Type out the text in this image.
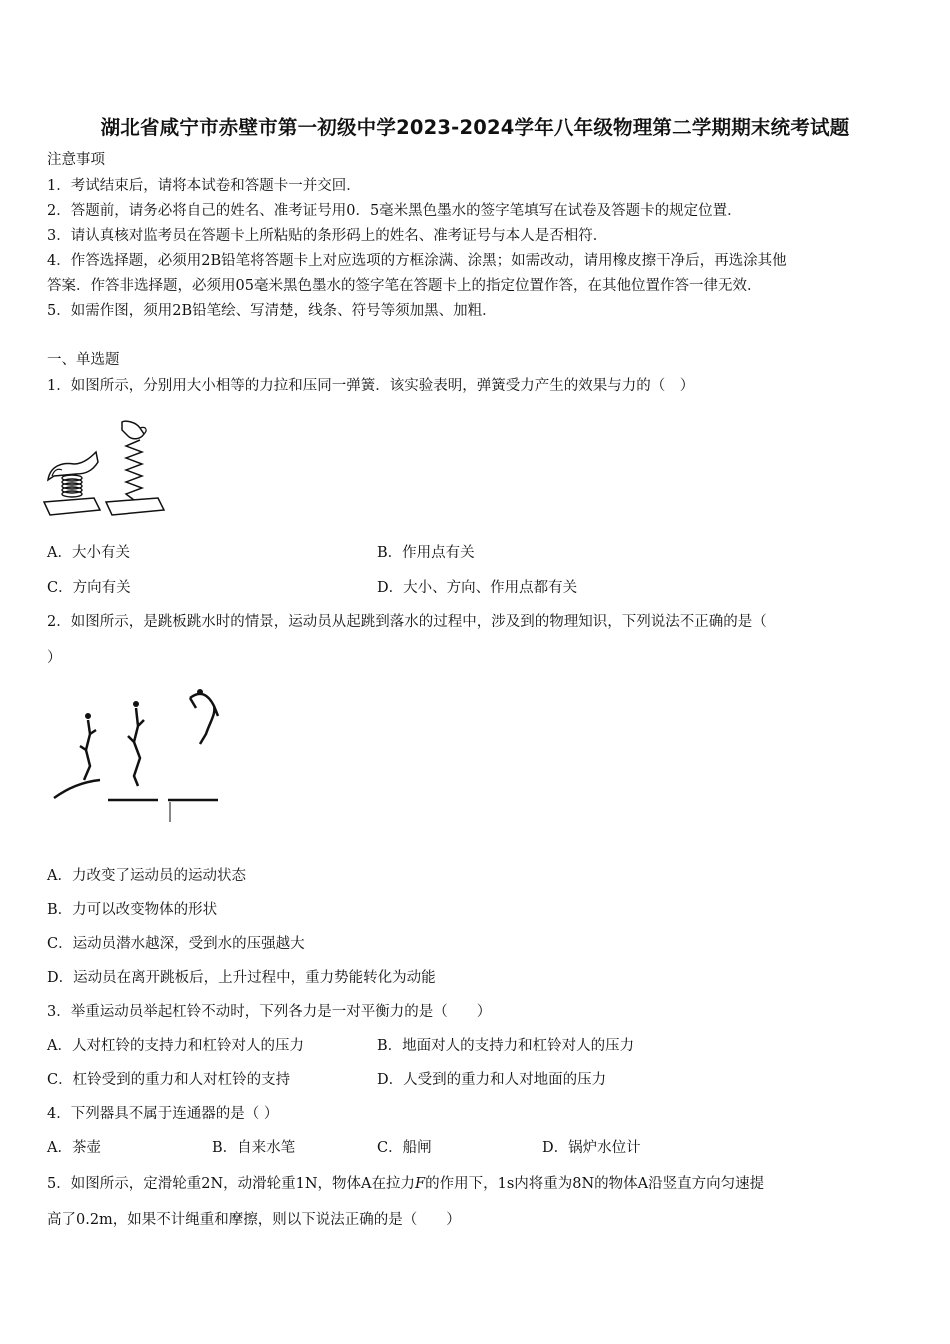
湖北省咸宁市赤壁市第一初级中学2023-2024学年八年级物理第二学期期末统考试题
注意事项
1．考试结束后，请将本试卷和答题卡一并交回．
2．答题前，请务必将自己的姓名、准考证号用0．5毫米黑色墨水的签字笔填写在试卷及答题卡的规定位置．
3．请认真核对监考员在答题卡上所粘贴的条形码上的姓名、准考证号与本人是否相符．
4．作答选择题，必须用2B铅笔将答题卡上对应选项的方框涂满、涂黑；如需改动，请用橡皮擦干净后，再选涂其他
答案．作答非选择题，必须用05毫米黑色墨水的签字笔在答题卡上的指定位置作答，在其他位置作答一律无效．
5．如需作图，须用2B铅笔绘、写清楚，线条、符号等须加黑、加粗．
一、单选题
1．如图所示，分别用大小相等的力拉和压同一弹簧．该实验表明，弹簧受力产生的效果与力的（　）
A．大小有关	B．作用点有关
C．方向有关	D．大小、方向、作用点都有关
2．如图所示，是跳板跳水时的情景，运动员从起跳到落水的过程中，涉及到的物理知识，下列说法不正确的是（
）
A．力改变了运动员的运动状态
B．力可以改变物体的形状
C．运动员潜水越深，受到水的压强越大
D．运动员在离开跳板后，上升过程中，重力势能转化为动能
3．举重运动员举起杠铃不动时，下列各力是一对平衡力的是（　　）
A．人对杠铃的支持力和杠铃对人的压力	B．地面对人的支持力和杠铃对人的压力
C．杠铃受到的重力和人对杠铃的支持	D．人受到的重力和人对地面的压力
4．下列器具不属于连通器的是（ ）
A．茶壶	B．自来水笔	C．船闸	D．锅炉水位计
5．如图所示，定滑轮重2N，动滑轮重1N，物体A在拉力F的作用下，1s内将重为8N的物体A沿竖直方向匀速提
高了0.2m，如果不计绳重和摩擦，则以下说法正确的是（　　）
